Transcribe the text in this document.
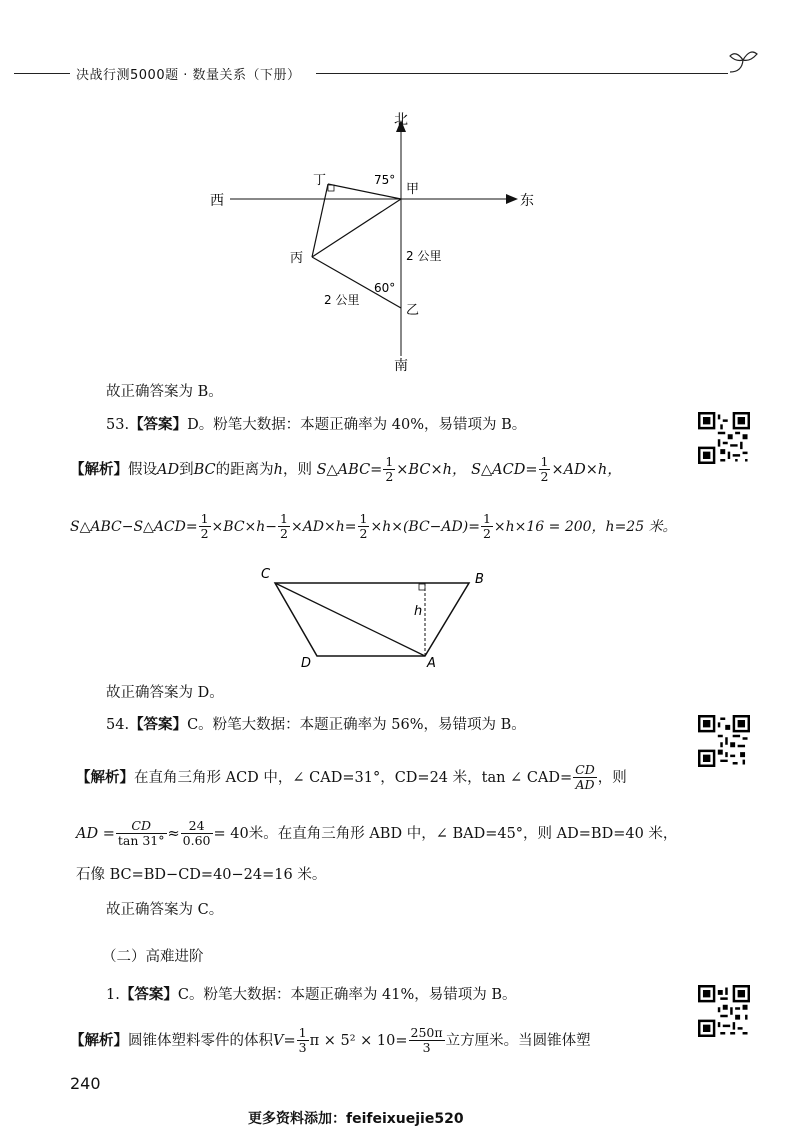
决战行测5000题 · 数量关系（下册）
北
南
西	东
甲
乙
丙
丁	75°
60°
2 公里
2 公里
故正确答案为 B。
53.【答案】D。粉笔大数据：本题正确率为 40%，易错项为 B。
【解析】假设AD到BC的距离为h，则 S△ABC= $\frac{1}{2} \times BC\times h$， S△ACD= $\frac{1}{2} \times AD\times h$，
S△ABC−S△ACD= $\frac{1}{2} \times BC\times h- \frac{1}{2} \times AD\times h= \frac{1}{2} \times h\times(BC-AD)= \frac{1}{2} \times h\times 16 = 200$，h=25 米。
C	B
D	A
h
故正确答案为 D。
54.【答案】C。粉笔大数据：本题正确率为 56%，易错项为 B。
【解析】在直角三角形 ACD 中，∠ CAD=31°，CD=24 米，tan ∠ $CAD= \frac{CD}{AD}$ ，则
AD = $\frac{CD}{\tan 31^\circ} \approx \frac{24}{0.60} = 40$米。在直角三角形 ABD 中，∠ BAD=45°，则 AD=BD=40 米，
石像 BC=BD−CD=40−24=16 米。
故正确答案为 C。
（二）高难进阶
1.【答案】C。粉笔大数据：本题正确率为 41%，易错项为 B。
【解析】圆锥体塑料零件的体积$V= \frac{1}{3}$ $\pi \times 5^2 \times 10= \frac{250\pi}{3}$ 立方厘米。当圆锥体塑
240
更多资料添加：feifeixuejie520
